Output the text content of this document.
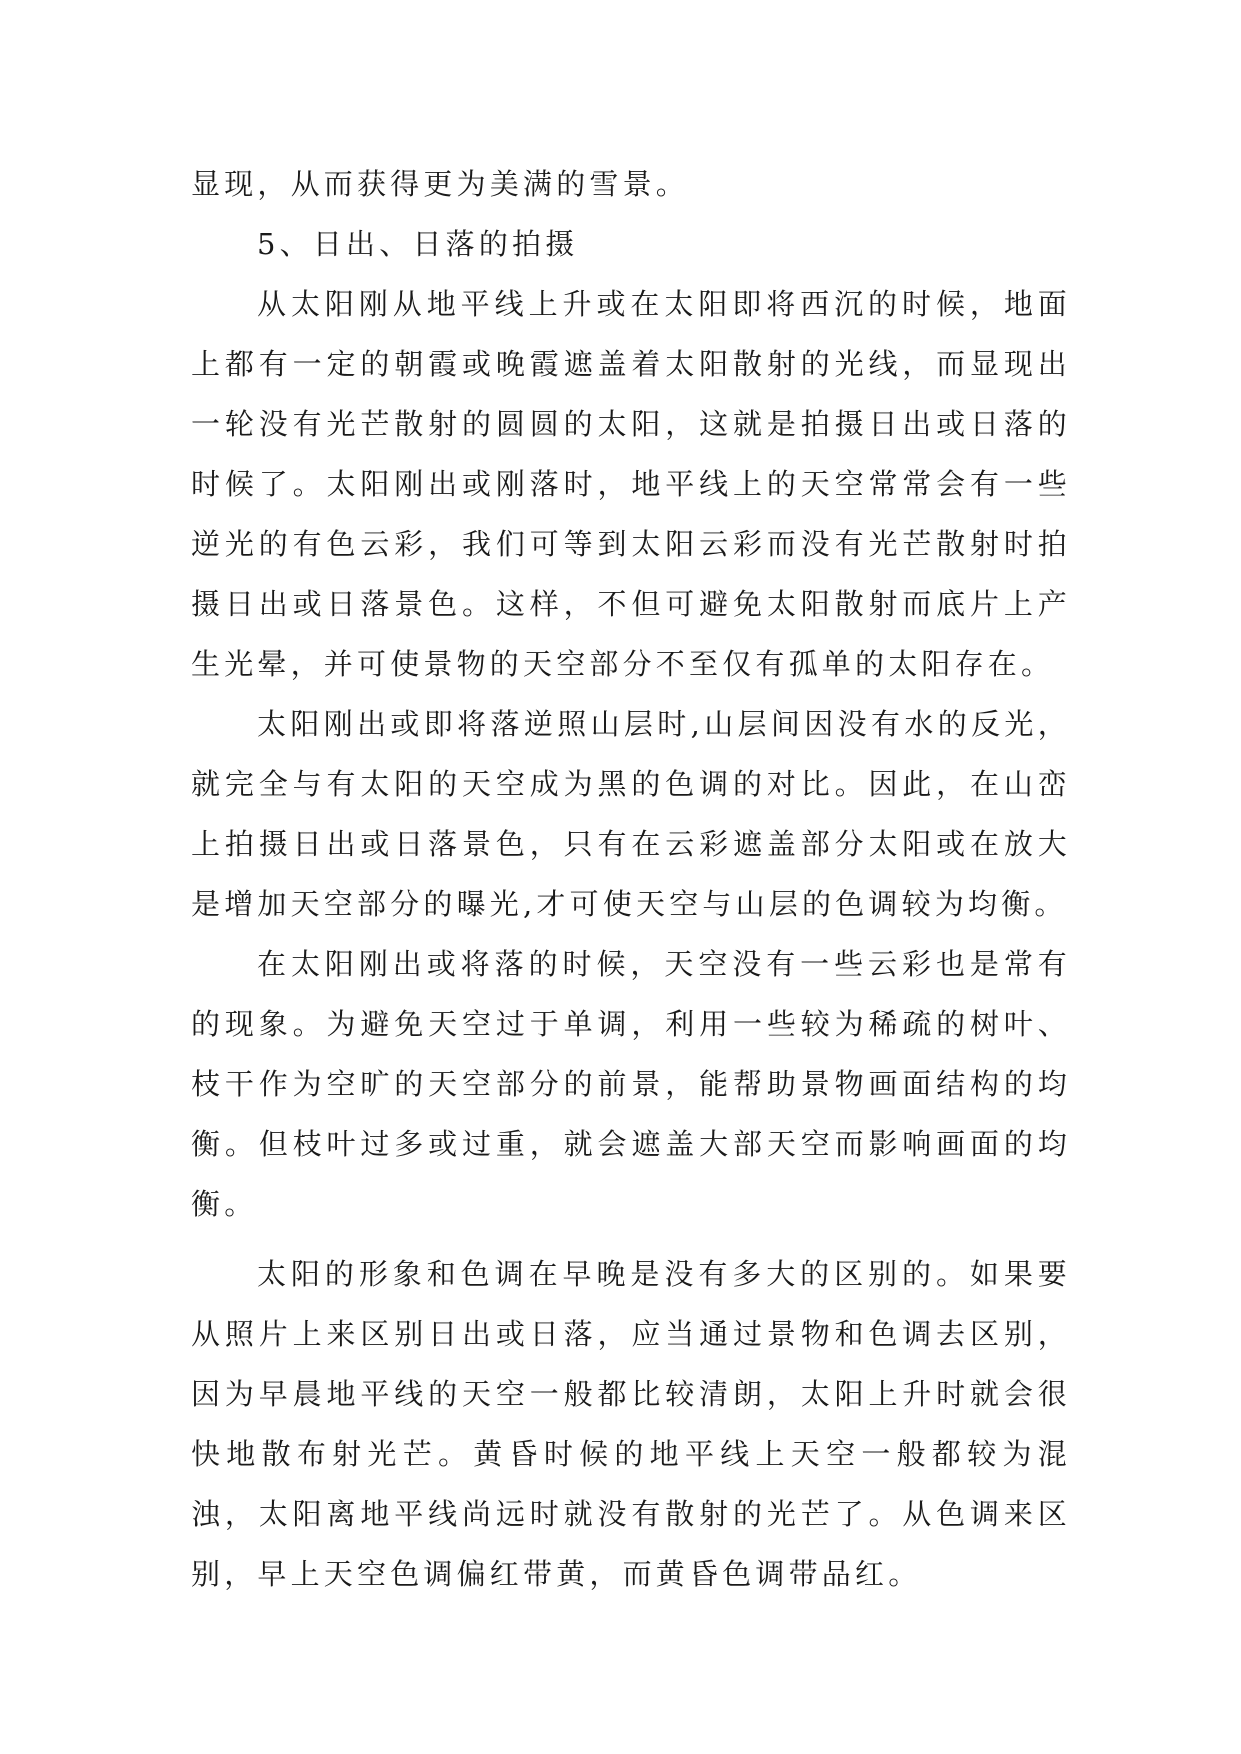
显现，从而获得更为美满的雪景。

5、日出、日落的拍摄

从太阳刚从地平线上升或在太阳即将西沉的时候，地面上都有一定的朝霞或晚霞遮盖着太阳散射的光线，而显现出一轮没有光芒散射的圆圆的太阳，这就是拍摄日出或日落的时候了。太阳刚出或刚落时，地平线上的天空常常会有一些逆光的有色云彩，我们可等到太阳云彩而没有光芒散射时拍摄日出或日落景色。这样，不但可避免太阳散射而底片上产生光晕，并可使景物的天空部分不至仅有孤单的太阳存在。

太阳刚出或即将落逆照山层时,山层间因没有水的反光，就完全与有太阳的天空成为黑的色调的对比。因此，在山峦上拍摄日出或日落景色，只有在云彩遮盖部分太阳或在放大是增加天空部分的曝光,才可使天空与山层的色调较为均衡。

在太阳刚出或将落的时候，天空没有一些云彩也是常有的现象。为避免天空过于单调，利用一些较为稀疏的树叶、枝干作为空旷的天空部分的前景，能帮助景物画面结构的均衡。但枝叶过多或过重，就会遮盖大部天空而影响画面的均衡。

太阳的形象和色调在早晚是没有多大的区别的。如果要从照片上来区别日出或日落，应当通过景物和色调去区别，因为早晨地平线的天空一般都比较清朗，太阳上升时就会很快地散布射光芒。黄昏时候的地平线上天空一般都较为混浊，太阳离地平线尚远时就没有散射的光芒了。从色调来区别，早上天空色调偏红带黄，而黄昏色调带品红。
